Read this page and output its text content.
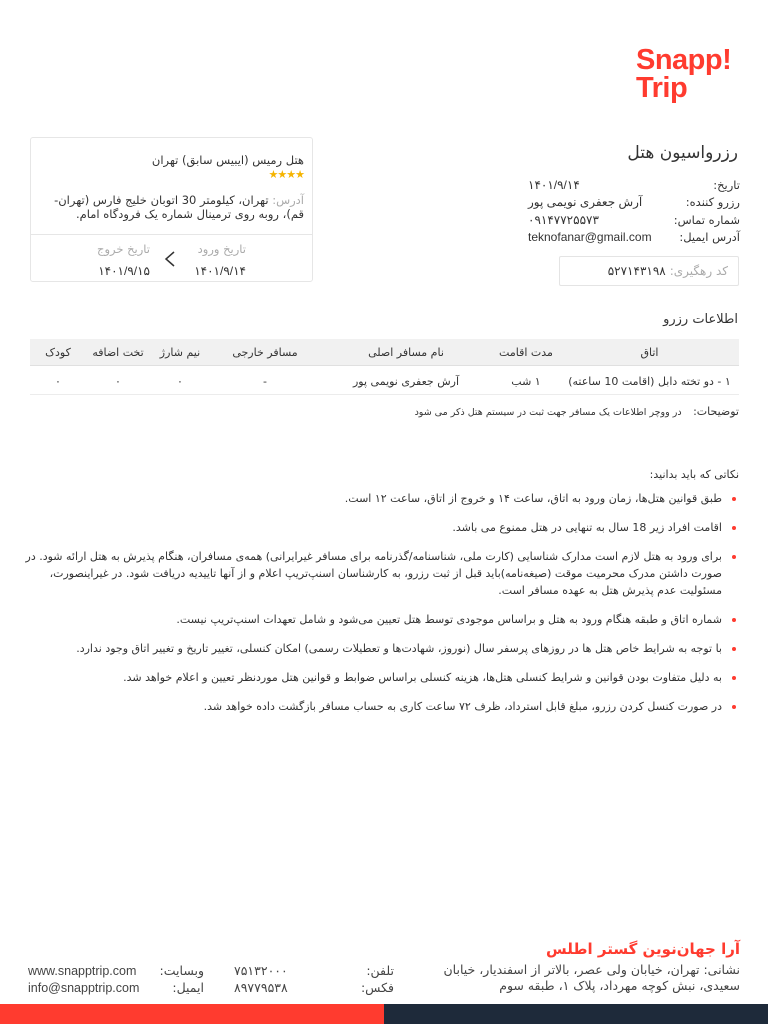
Snapp!
Trip
رزرواسیون هتل
تاریخ:
۱۴۰۱/۹/۱۴
رزرو کننده:
آرش جعفری نویمی پور
شماره تماس:
۰۹۱۴۷۷۲۵۵۷۳
آدرس ایمیل:
teknofanar@gmail.com
کد رهگیری:
۵۲۷۱۴۳۱۹۸
هتل رمیس (ایبیس سابق) تهران
★★★★
آدرس: تهران، کیلومتر 30 اتوبان خلیج فارس (تهران-قم)، روبه روی ترمینال شماره یک فرودگاه امام.
تاریخ ورود
۱۴۰۱/۹/۱۴
تاریخ خروج
۱۴۰۱/۹/۱۵
اطلاعات رزرو
اتاق
مدت اقامت
نام مسافر اصلی
مسافر خارجی
نیم شارژ
تخت اضافه
کودک
۱ - دو تخته دابل (اقامت 10 ساعته)
۱ شب
آرش جعفری نویمی پور
-
۰
۰
۰
توضیحات: در ووچر اطلاعات یک مسافر جهت ثبت در سیستم هتل ذکر می شود
نکاتی که باید بدانید:
طبق قوانین هتل‌ها، زمان ورود به اتاق، ساعت ۱۴ و خروج از اتاق، ساعت ۱۲ است.
اقامت افراد زیر 18 سال به تنهایی در هتل ممنوع می باشد.
برای ورود به هتل لازم است مدارک شناسایی (کارت ملی، شناسنامه/گذرنامه برای مسافر غیرایرانی) همه‌ی مسافران، هنگام پذیرش به هتل ارائه شود. در صورت داشتن مدرک محرمیت موقت (صیغه‌نامه)باید قبل از ثبت رزرو، به کارشناسان اسنپ‌تریپ اعلام و از آنها تاییدیه دریافت شود. در غیراینصورت، مسئولیت عدم پذیرش هتل به عهده مسافر است.
شماره اتاق و طبقه هنگام ورود به هتل و براساس موجودی توسط هتل تعیین می‌شود و شامل تعهدات اسنپ‌تریپ نیست.
با توجه به شرایط خاص هتل ها در روزهای پرسفر سال (نوروز، شهادت‌ها و تعطیلات رسمی) امکان کنسلی، تغییر تاریخ و تغییر اتاق وجود ندارد.
به دلیل متفاوت بودن قوانین و شرایط کنسلی هتل‌ها، هزینه کنسلی براساس ضوابط و قوانین هتل موردنظر تعیین و اعلام خواهد شد.
در صورت کنسل کردن رزرو، مبلغ قابل استرداد، ظرف ۷۲ ساعت کاری به حساب مسافر بازگشت داده خواهد شد.
آرا جهان‌نوین گستر اطلس
نشانی: تهران، خیابان ولی عصر، بالاتر از اسفندیار، خیابان سعیدی، نبش کوچه مهرداد، پلاک ۱، طبقه سوم
تلفن:
۷۵۱۳۲۰۰۰
فکس:
۸۹۷۷۹۵۳۸
وبسایت:
www.snapptrip.com
ایمیل:
info@snapptrip.com
